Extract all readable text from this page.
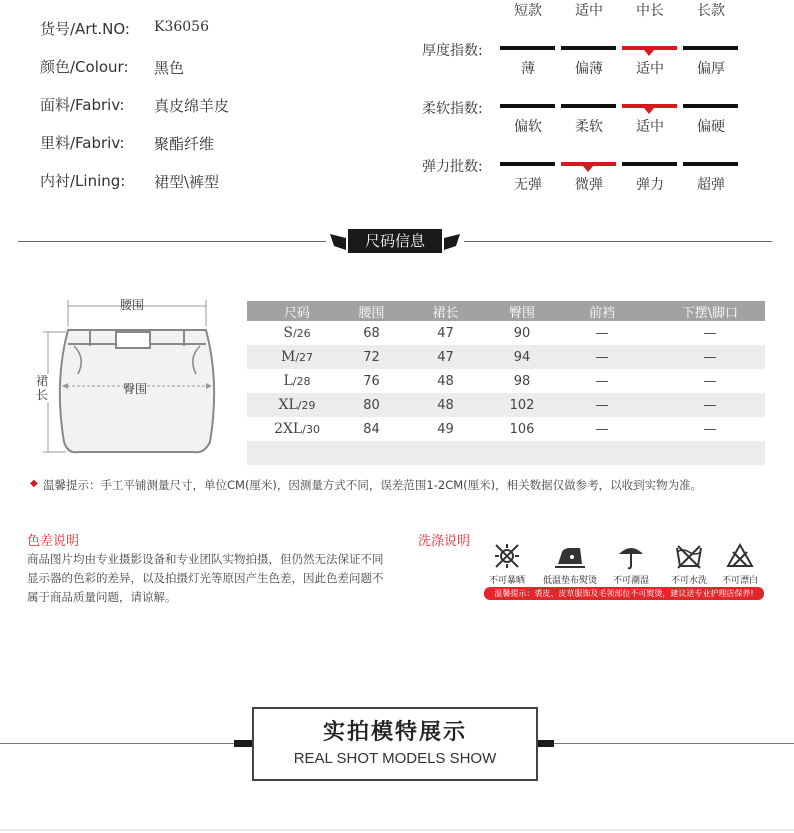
货号/Art.NO: K36056
颜色/Colour: 黑色
面料/Fabriv: 真皮绵羊皮
里料/Fabriv: 聚酯纤维
内衬/Lining: 裙型\裤型
短款	适中	中长	长款
厚度指数:
薄	偏薄	适中	偏厚
柔软指数:
偏软	柔软	适中	偏硬
弹力批数:
无弹	微弹	弹力	超弹
尺码信息
腰围
臀围
裙长
尺码	腰围	裙长	臀围	前裆	下摆\脚口
S/26	68	47	90	—	—
M/27	72	47	94	—	—
L/28	76	48	98	—	—
XL/29	80	48	102	—	—
2XL/30	84	49	106	—	—

◆ 温馨提示：手工平铺测量尺寸，单位CM(厘米)，因测量方式不同，误差范围1-2CM(厘米)，相关数据仅做参考，以收到实物为准。
色差说明
商品图片均由专业摄影设备和专业团队实物拍摄，但仍然无法保证不同显示器的色彩的差异，以及拍摄灯光等原因产生色差，因此色差问题不属于商品质量问题，请谅解。
洗涤说明
不可暴晒	低温垫布熨烫	不可潮湿	不可水洗	不可漂白
温馨提示：裘皮、皮草服饰及毛领部位不可熨烫，建议送专业护理店保养!
实拍模特展示
REAL SHOT MODELS SHOW
